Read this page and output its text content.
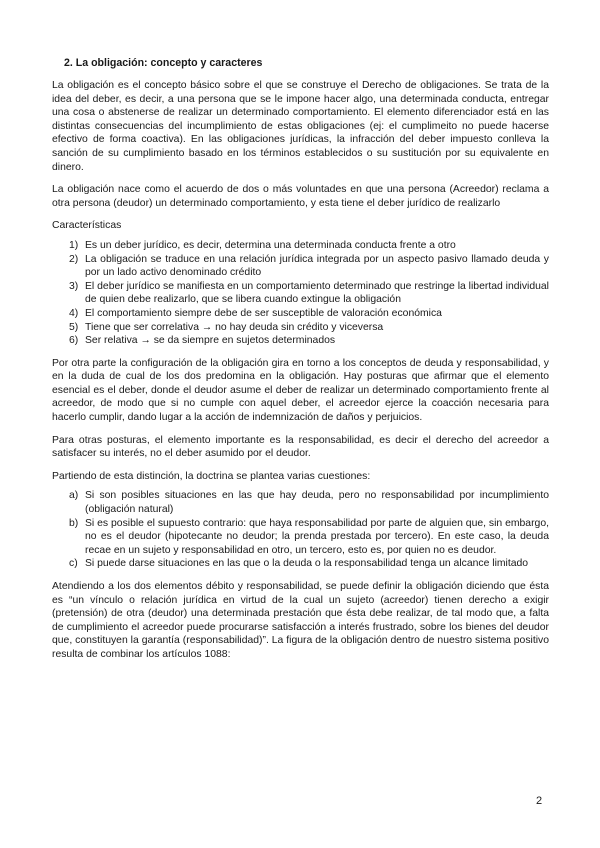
2. La obligación: concepto y caracteres

La obligación es el concepto básico sobre el que se construye el Derecho de obligaciones. Se trata de la idea del deber, es decir, a una persona que se le impone hacer algo, una determinada conducta, entregar una cosa o abstenerse de realizar un determinado comportamiento. El elemento diferenciador está en las distintas consecuencias del incumplimiento de estas obligaciones (ej: el cumplimeito no puede hacerse efectivo de forma coactiva). En las obligaciones jurídicas, la infracción del deber impuesto conlleva la sanción de su cumplimiento basado en los términos establecidos o su sustitución por su equivalente en dinero.

La obligación nace como el acuerdo de dos o más voluntades en que una persona (Acreedor) reclama a otra persona (deudor) un determinado comportamiento, y esta tiene el deber jurídico de realizarlo

Características

1) Es un deber jurídico, es decir, determina una determinada conducta frente a otro
2) La obligación se traduce en una relación jurídica integrada por un aspecto pasivo llamado deuda y por un lado activo denominado crédito
3) El deber jurídico se manifiesta en un comportamiento determinado que restringe la libertad individual de quien debe realizarlo, que se libera cuando extingue la obligación
4) El comportamiento siempre debe de ser susceptible de valoración económica
5) Tiene que ser correlativa → no hay deuda sin crédito y viceversa
6) Ser relativa → se da siempre en sujetos determinados

Por otra parte la configuración de la obligación gira en torno a los conceptos de deuda y responsabilidad, y en la duda de cual de los dos predomina en la obligación. Hay posturas que afirmar que el elemento esencial es el deber, donde el deudor asume el deber de realizar un determinado comportamiento frente al acreedor, de modo que si no cumple con aquel deber, el acreedor ejerce la coacción necesaria para hacerlo cumplir, dando lugar a la acción de indemnización de daños y perjuicios.

Para otras posturas, el elemento importante es la responsabilidad, es decir el derecho del acreedor a satisfacer su interés, no el deber asumido por el deudor.

Partiendo de esta distinción, la doctrina se plantea varias cuestiones:

a) Si son posibles situaciones en las que hay deuda, pero no responsabilidad por incumplimiento (obligación natural)
b) Si es posible el supuesto contrario: que haya responsabilidad por parte de alguien que, sin embargo, no es el deudor (hipotecante no deudor; la prenda prestada por tercero). En este caso, la deuda recae en un sujeto y responsabilidad en otro, un tercero, esto es, por quien no es deudor.
c) Si puede darse situaciones en las que o la deuda o la responsabilidad tenga un alcance limitado

Atendiendo a los dos elementos débito y responsabilidad, se puede definir la obligación diciendo que ésta es “un vínculo o relación jurídica en virtud de la cual un sujeto (acreedor) tienen derecho a exigir (pretensión) de otra (deudor) una determinada prestación que ésta debe realizar, de tal modo que, a falta de cumplimiento el acreedor puede procurarse satisfacción a interés frustrado, sobre los bienes del deudor que, constituyen la garantía (responsabilidad)”. La figura de la obligación dentro de nuestro sistema positivo resulta de combinar los artículos 1088:

2
